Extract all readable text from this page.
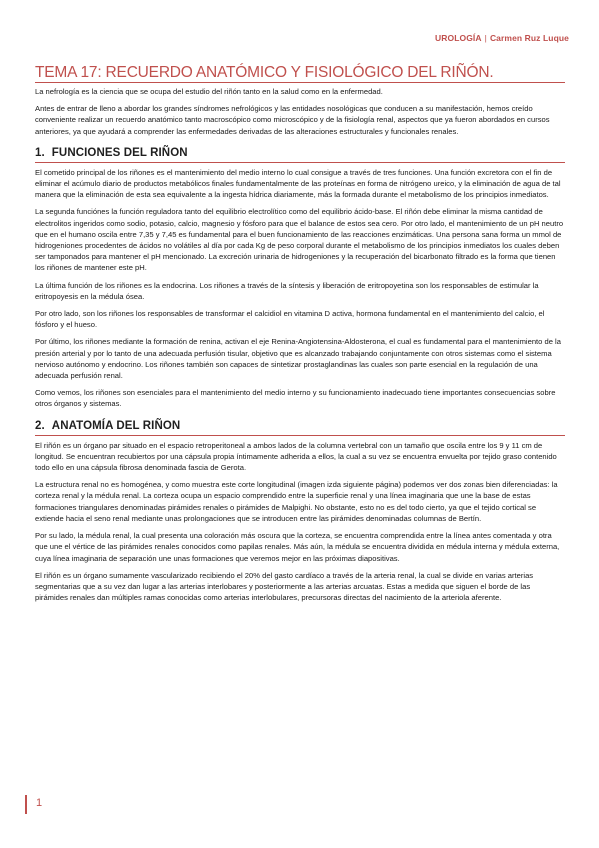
UROLOGÍA | Carmen Ruz Luque
TEMA 17: RECUERDO ANATÓMICO Y FISIOLÓGICO DEL RIÑÓN.

La nefrología es la ciencia que se ocupa del estudio del riñón tanto en la salud como en la enfermedad.

Antes de entrar de lleno a abordar los grandes síndromes nefrológicos y las entidades nosológicas que conducen a su manifestación, hemos creído conveniente realizar un recuerdo anatómico tanto macroscópico como microscópico y de la fisiología renal, aspectos que ya fueron abordados en cursos anteriores, ya que ayudará a comprender las enfermedades derivadas de las alteraciones estructurales y funcionales renales.

1. FUNCIONES DEL RIÑON

El cometido principal de los riñones es el mantenimiento del medio interno lo cual consigue a través de tres funciones. Una función excretora con el fin de eliminar el acúmulo diario de productos metabólicos finales fundamentalmente de las proteínas en forma de nitrógeno ureico, y la eliminación de agua de tal manera que la eliminación de esta sea equivalente a la ingesta hídrica diariamente, más la formada durante el metabolismo de los principios inmediatos.

La segunda funciónes la función reguladora tanto del equilibrio electrolítico como del equilibrio ácido-base. El riñón debe eliminar la misma cantidad de electrolitos ingeridos como sodio, potasio, calcio, magnesio y fósforo para que el balance de estos sea cero. Por otro lado, el mantenimiento de un pH neutro que en el humano oscila entre 7,35 y 7,45 es fundamental para el buen funcionamiento de las reacciones enzimáticas. Una persona sana forma un mmol de hidrogeniones procedentes de ácidos no volátiles al día por cada Kg de peso corporal durante el metabolismo de los principios inmediatos los cuales deben ser tamponados para mantener el pH mencionado. La excreción urinaria de hidrogeniones y la recuperación del bicarbonato filtrado es la forma que tienen los riñones de mantener este pH.

La última función de los riñones es la endocrina. Los riñones a través de la síntesis y liberación de eritropoyetina son los responsables de estimular la eritropoyesis en la médula ósea.

Por otro lado, son los riñones los responsables de transformar el calcidiol en vitamina D activa, hormona fundamental en el mantenimiento del calcio, el fósforo y el hueso.

Por último, los riñones mediante la formación de renina, activan el eje Renina-Angiotensina-Aldosterona, el cual es fundamental para el mantenimiento de la presión arterial y por lo tanto de una adecuada perfusión tisular, objetivo que es alcanzado trabajando conjuntamente con otros sistemas como el sistema nervioso autónomo y endocrino. Los riñones también son capaces de sintetizar prostaglandinas las cuales son parte esencial en la regulación de una adecuada perfusión renal.

Como vemos, los riñones son esenciales para el mantenimiento del medio interno y su funcionamiento inadecuado tiene importantes consecuencias sobre otros órganos y sistemas.

2. ANATOMÍA DEL RIÑON

El riñón es un órgano par situado en el espacio retroperitoneal a ambos lados de la columna vertebral con un tamaño que oscila entre los 9 y 11 cm de longitud. Se encuentran recubiertos por una cápsula propia íntimamente adherida a ellos, la cual a su vez se encuentra envuelta por tejido graso contenido todo ello en una cápsula fibrosa denominada fascia de Gerota.

La estructura renal no es homogénea, y como muestra este corte longitudinal (imagen izda siguiente página) podemos ver dos zonas bien diferenciadas: la corteza renal y la médula renal. La corteza ocupa un espacio comprendido entre la superficie renal y una línea imaginaria que une la base de estas formaciones triangulares denominadas pirámides renales o pirámides de Malpighi. No obstante, esto no es del todo cierto, ya que el tejido cortical se extiende hacia el seno renal mediante unas prolongaciones que se introducen entre las pirámides denominadas columnas de Bertín.

Por su lado, la médula renal, la cual presenta una coloración más oscura que la corteza, se encuentra comprendida entre la línea antes comentada y otra que une el vértice de las pirámides renales conocidos como papilas renales. Más aún, la médula se encuentra dividida en médula interna y médula externa, cuya línea imaginaria de separación une unas formaciones que veremos mejor en las próximas diapositivas.

El riñón es un órgano sumamente vascularizado recibiendo el 20% del gasto cardíaco a través de la arteria renal, la cual se divide en varias arterias segmentarias que a su vez dan lugar a las arterias interlobares y posteriormente a las arterias arcuatas. Estas a medida que siguen el borde de las pirámides renales dan múltiples ramas conocidas como arterias interlobulares, precursoras directas del nacimiento de la arteriola aferente.

1
